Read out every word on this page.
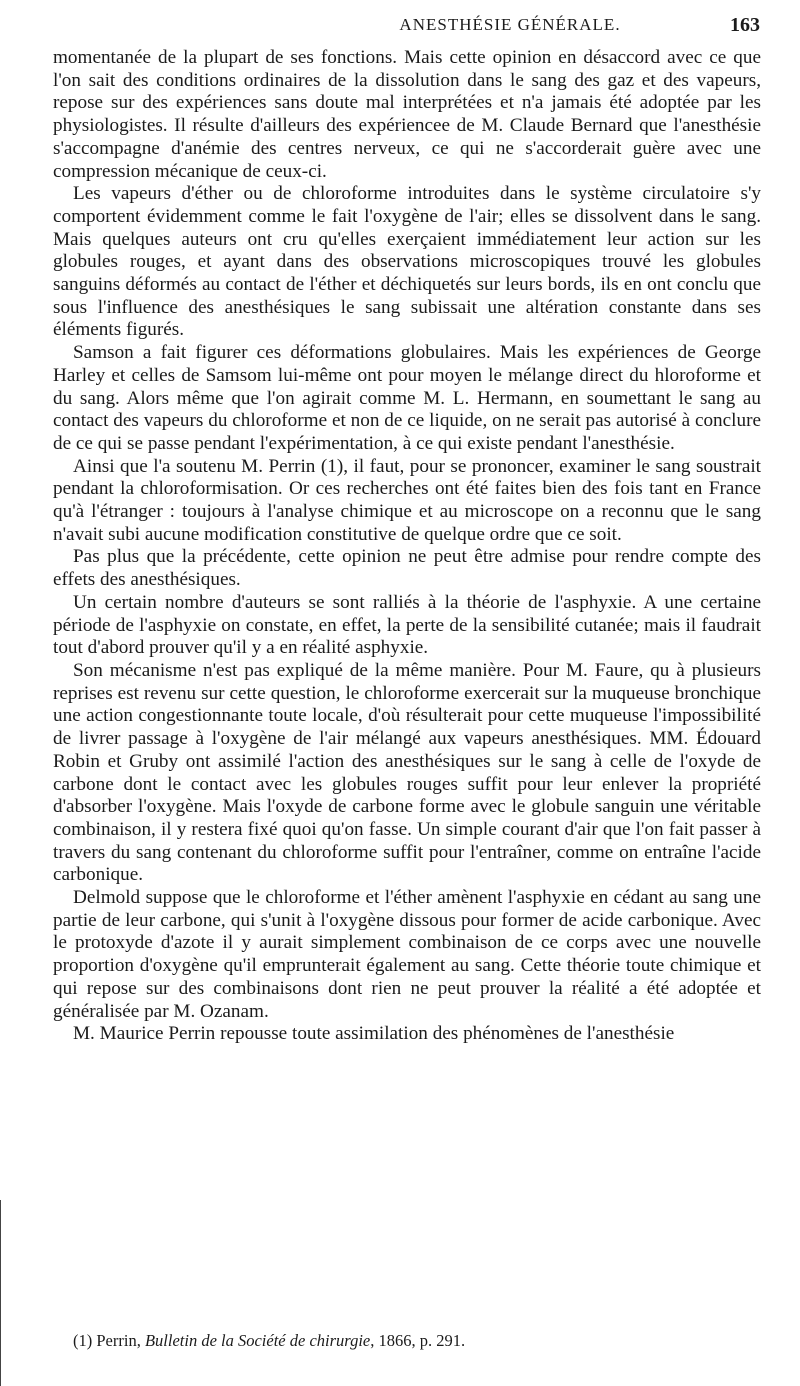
ANESTHÉSIE GÉNÉRALE.	163

momentanée de la plupart de ses fonctions. Mais cette opinion en désaccord avec ce que l'on sait des conditions ordinaires de la dissolution dans le sang des gaz et des vapeurs, repose sur des expériences sans doute mal interprétées et n'a jamais été adoptée par les physiologistes. Il résulte d'ailleurs des expériencee de M. Claude Bernard que l'anesthésie s'accompagne d'anémie des centres nerveux, ce qui ne s'accorderait guère avec une compression mécanique de ceux-ci.

Les vapeurs d'éther ou de chloroforme introduites dans le système circulatoire s'y comportent évidemment comme le fait l'oxygène de l'air; elles se dissolvent dans le sang. Mais quelques auteurs ont cru qu'elles exerçaient immédiatement leur action sur les globules rouges, et ayant dans des observations microscopiques trouvé les globules sanguins déformés au contact de l'éther et déchiquetés sur leurs bords, ils en ont conclu que sous l'influence des anesthésiques le sang subissait une altération constante dans ses éléments figurés.

Samson a fait figurer ces déformations globulaires. Mais les expériences de George Harley et celles de Samsom lui-même ont pour moyen le mélange direct du hloroforme et du sang. Alors même que l'on agirait comme M. L. Hermann, en soumettant le sang au contact des vapeurs du chloroforme et non de ce liquide, on ne serait pas autorisé à conclure de ce qui se passe pendant l'expérimentation, à ce qui existe pendant l'anesthésie.

Ainsi que l'a soutenu M. Perrin (1), il faut, pour se prononcer, examiner le sang soustrait pendant la chloroformisation. Or ces recherches ont été faites bien des fois tant en France qu'à l'étranger : toujours à l'analyse chimique et au microscope on a reconnu que le sang n'avait subi aucune modification constitutive de quelque ordre que ce soit.

Pas plus que la précédente, cette opinion ne peut être admise pour rendre compte des effets des anesthésiques.

Un certain nombre d'auteurs se sont ralliés à la théorie de l'asphyxie. A une certaine période de l'asphyxie on constate, en effet, la perte de la sensibilité cutanée; mais il faudrait tout d'abord prouver qu'il y a en réalité asphyxie.

Son mécanisme n'est pas expliqué de la même manière. Pour M. Faure, qu à plusieurs reprises est revenu sur cette question, le chloroforme exercerait sur la muqueuse bronchique une action congestionnante toute locale, d'où résulterait pour cette muqueuse l'impossibilité de livrer passage à l'oxygène de l'air mélangé aux vapeurs anesthésiques. MM. Édouard Robin et Gruby ont assimilé l'action des anesthésiques sur le sang à celle de l'oxyde de carbone dont le contact avec les globules rouges suffit pour leur enlever la propriété d'absorber l'oxygène. Mais l'oxyde de carbone forme avec le globule sanguin une véritable combinaison, il y restera fixé quoi qu'on fasse. Un simple courant d'air que l'on fait passer à travers du sang contenant du chloroforme suffit pour l'entraîner, comme on entraîne l'acide carbonique.

Delmold suppose que le chloroforme et l'éther amènent l'asphyxie en cédant au sang une partie de leur carbone, qui s'unit à l'oxygène dissous pour former de acide carbonique. Avec le protoxyde d'azote il y aurait simplement combinaison de ce corps avec une nouvelle proportion d'oxygène qu'il emprunterait également au sang. Cette théorie toute chimique et qui repose sur des combinaisons dont rien ne peut prouver la réalité a été adoptée et généralisée par M. Ozanam.

M. Maurice Perrin repousse toute assimilation des phénomènes de l'anesthésie

(1) Perrin, Bulletin de la Société de chirurgie, 1866, p. 291.
